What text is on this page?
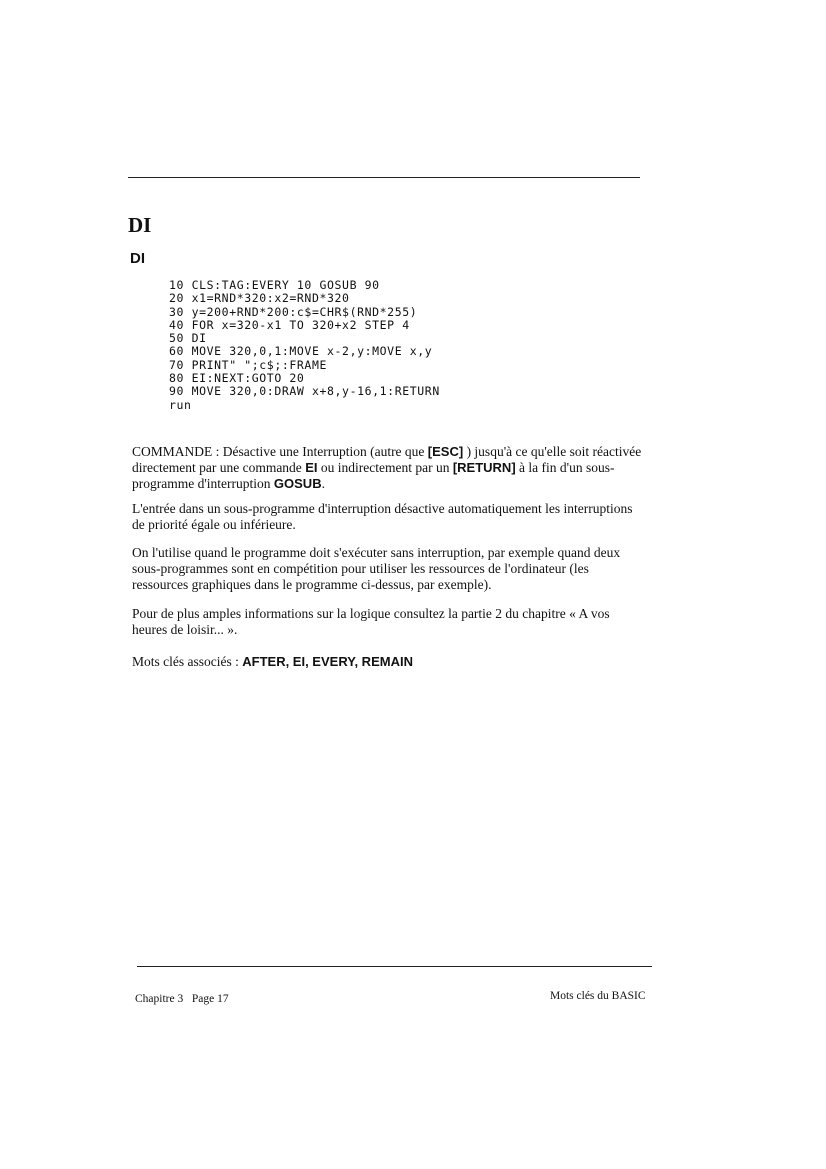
DI
DI
10 CLS:TAG:EVERY 10 GOSUB 90
20 x1=RND*320:x2=RND*320
30 y=200+RND*200:c$=CHR$(RND*255)
40 FOR x=320-x1 TO 320+x2 STEP 4
50 DI
60 MOVE 320,0,1:MOVE x-2,y:MOVE x,y
70 PRINT" ";c$;:FRAME
80 EI:NEXT:GOTO 20
90 MOVE 320,0:DRAW x+8,y-16,1:RETURN
run

COMMANDE : Désactive une Interruption (autre que [ESC] ) jusqu'à ce qu'elle soit réactivée directement par une commande EI ou indirectement par un [RETURN] à la fin d'un sous-programme d'interruption GOSUB.

L'entrée dans un sous-programme d'interruption désactive automatiquement les interruptions de priorité égale ou inférieure.

On l'utilise quand le programme doit s'exécuter sans interruption, par exemple quand deux sous-programmes sont en compétition pour utiliser les ressources de l'ordinateur (les ressources graphiques dans le programme ci-dessus, par exemple).

Pour de plus amples informations sur la logique consultez la partie 2 du chapitre « A vos heures de loisir... ».

Mots clés associés : AFTER, EI, EVERY, REMAIN

Chapitre 3   Page 17	Mots clés du BASIC
